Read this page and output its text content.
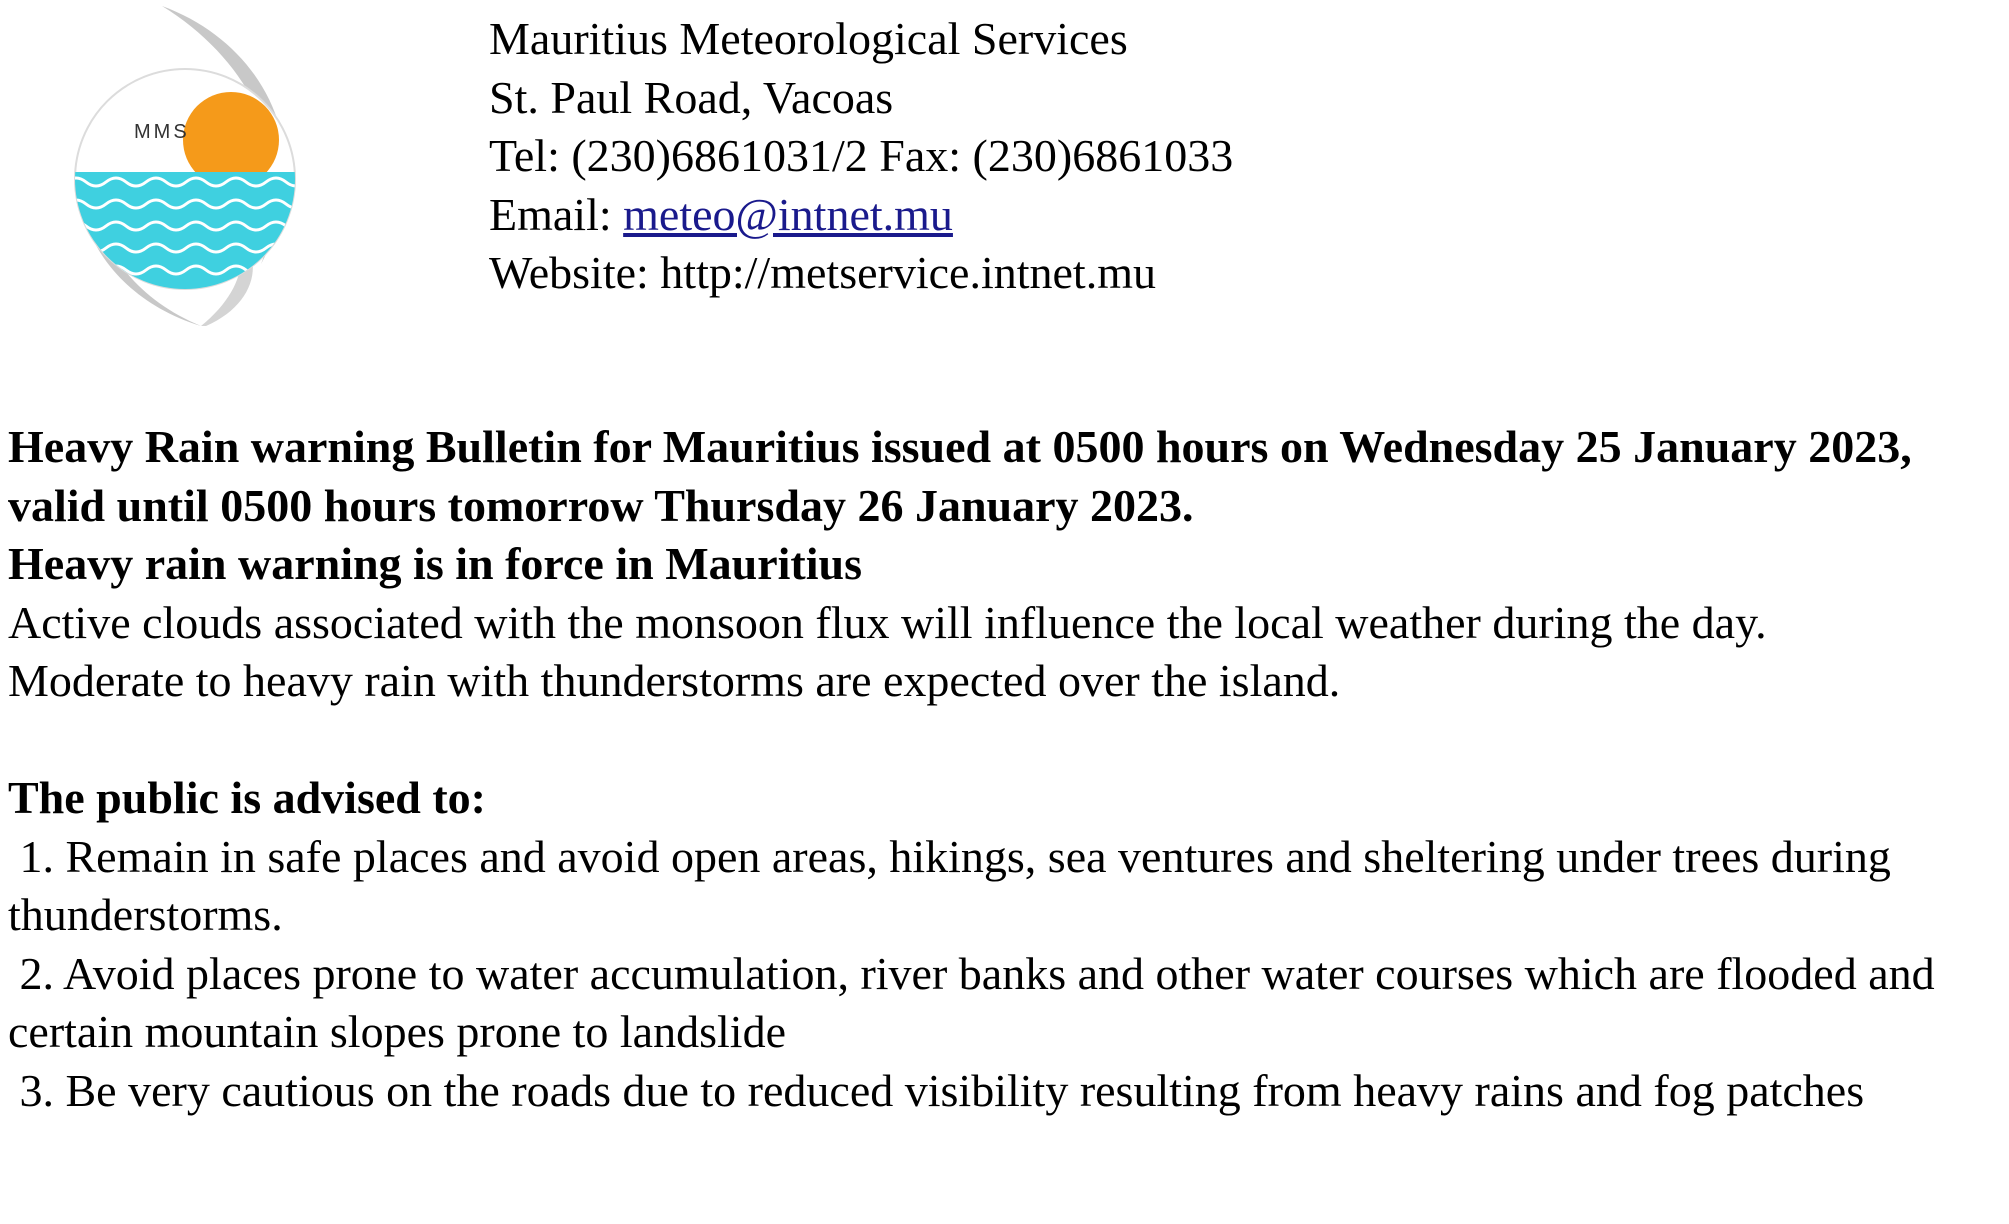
MMS
Mauritius Meteorological Services
St. Paul Road, Vacoas
Tel: (230)6861031/2 Fax: (230)6861033
Email: meteo@intnet.mu
Website: http://metservice.intnet.mu

Heavy Rain warning Bulletin for Mauritius issued at 0500 hours on Wednesday 25 January 2023, valid until 0500 hours tomorrow Thursday 26 January 2023.

Heavy rain warning is in force in Mauritius

Active clouds associated with the monsoon flux will influence the local weather during the day.

Moderate to heavy rain with thunderstorms are expected over the island.

The public is advised to:

1. Remain in safe places and avoid open areas, hikings, sea ventures and sheltering under trees during thunderstorms.

2. Avoid places prone to water accumulation, river banks and other water courses which are flooded and certain mountain slopes prone to landslide

3. Be very cautious on the roads due to reduced visibility resulting from heavy rains and fog patches
